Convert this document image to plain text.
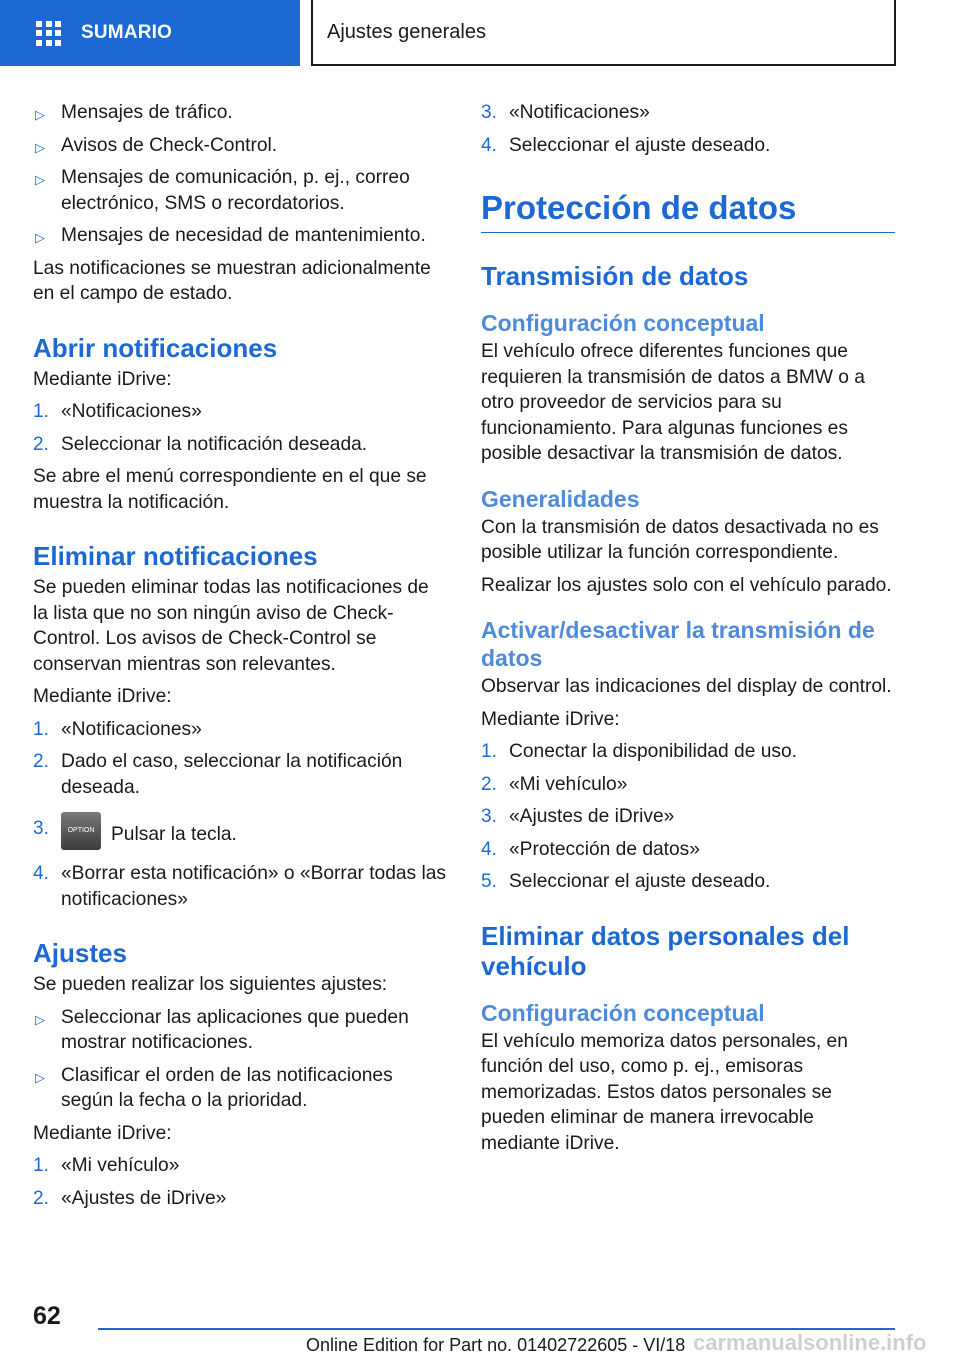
SUMARIO	Ajustes generales
▷ Mensajes de tráfico.
▷ Avisos de Check-Control.
▷ Mensajes de comunicación, p. ej., correo electrónico, SMS o recordatorios.
▷ Mensajes de necesidad de mantenimiento.

Las notificaciones se muestran adicionalmente en el campo de estado.

Abrir notificaciones

Mediante iDrive:

1. «Notificaciones»
2. Seleccionar la notificación deseada.

Se abre el menú correspondiente en el que se muestra la notificación.

Eliminar notificaciones

Se pueden eliminar todas las notificaciones de la lista que no son ningún aviso de Check-Control. Los avisos de Check-Control se conservan mientras son relevantes.

Mediante iDrive:

1. «Notificaciones»
2. Dado el caso, seleccionar la notificación deseada.
3.	OPTION Pulsar la tecla.
4. «Borrar esta notificación» o «Borrar todas las notificaciones»
Ajustes

Se pueden realizar los siguientes ajustes:

▷ Seleccionar las aplicaciones que pueden mostrar notificaciones.
▷ Clasificar el orden de las notificaciones según la fecha o la prioridad.

Mediante iDrive:

1. «Mi vehículo»
2. «Ajustes de iDrive»
3. «Notificaciones»
4. Seleccionar el ajuste deseado.
Protección de datos
Transmisión de datos
Configuración conceptual

El vehículo ofrece diferentes funciones que requieren la transmisión de datos a BMW o a otro proveedor de servicios para su funcionamiento. Para algunas funciones es posible desactivar la transmisión de datos.

Generalidades

Con la transmisión de datos desactivada no es posible utilizar la función correspondiente.

Realizar los ajustes solo con el vehículo parado.

Activar/desactivar la transmisión de datos

Observar las indicaciones del display de control.

Mediante iDrive:

1. Conectar la disponibilidad de uso.
2. «Mi vehículo»
3. «Ajustes de iDrive»
4. «Protección de datos»
5. Seleccionar el ajuste deseado.
Eliminar datos personales del vehículo
Configuración conceptual

El vehículo memoriza datos personales, en función del uso, como p. ej., emisoras memorizadas. Estos datos personales se pueden eliminar de manera irrevocable mediante iDrive.

62
Online Edition for Part no. 01402722605 - VI/18 carmanualsonline.info
